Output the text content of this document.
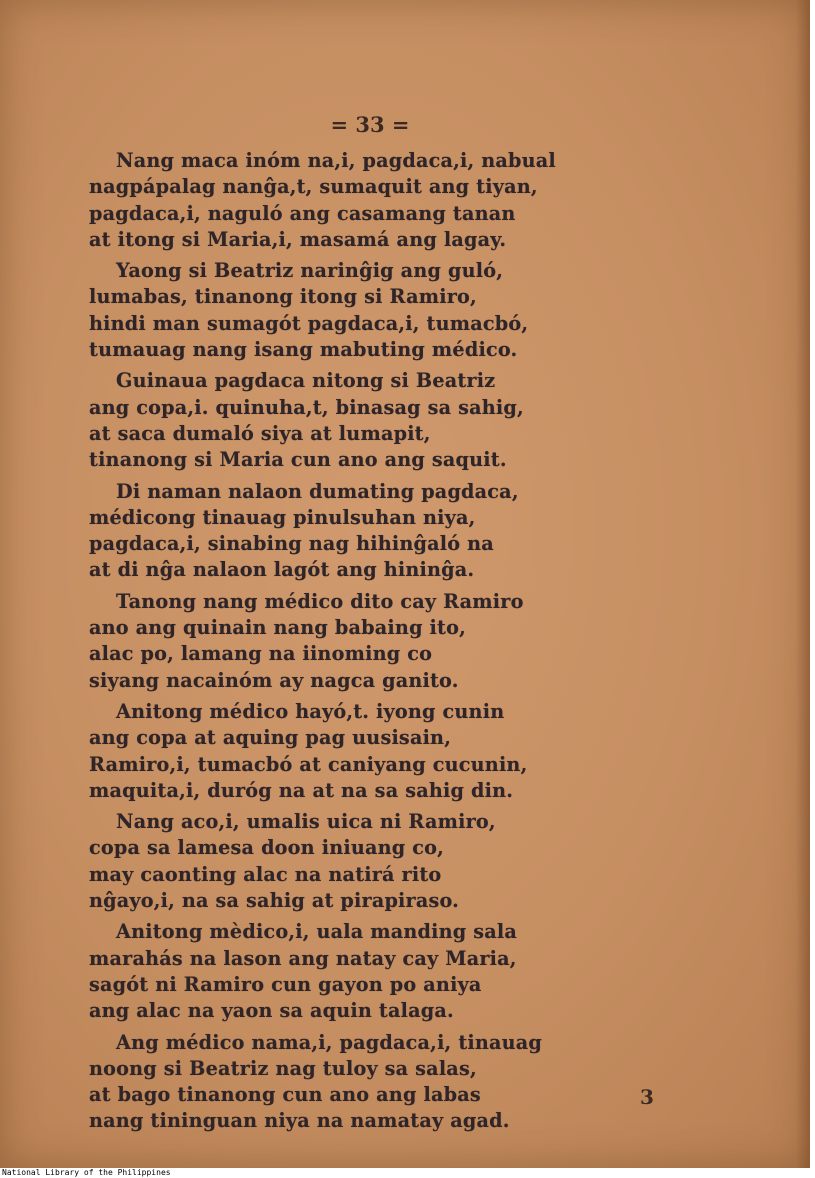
= 33 =
Nang maca inóm na,i, pagdaca,i, nabual
nagpápalag nanĝa,t, sumaquit ang tiyan,
pagdaca,i, naguló ang casamang tanan
at itong si Maria,i, masamá ang lagay.
Yaong si Beatriz narinĝig ang guló,
lumabas, tinanong itong si Ramiro,
hindi man sumagót pagdaca,i, tumacbó,
tumauag nang isang mabuting médico.
Guinaua pagdaca nitong si Beatriz
ang copa,i. quinuha,t, binasag sa sahig,
at saca dumaló siya at lumapit,
tinanong si Maria cun ano ang saquit.
Di naman nalaon dumating pagdaca,
médicong tinauag pinulsuhan niya,
pagdaca,i, sinabing nag hihinĝaló na
at di nĝa nalaon lagót ang hininĝa.
Tanong nang médico dito cay Ramiro
ano ang quinain nang babaing ito,
alac po, lamang na iinoming co
siyang nacainóm ay nagca ganito.
Anitong médico hayó,t. iyong cunin
ang copa at aquing pag uusisain,
Ramiro,i, tumacbó at caniyang cucunin,
maquita,i, duróg na at na sa sahig din.
Nang aco,i, umalis uica ni Ramiro,
copa sa lamesa doon iniuang co,
may caonting alac na natirá rito
nĝayo,i, na sa sahig at pirapiraso.
Anitong mèdico,i, uala manding sala
marahás na lason ang natay cay Maria,
sagót ni Ramiro cun gayon po aniya
ang alac na yaon sa aquin talaga.
Ang médico nama,i, pagdaca,i, tinauag
noong si Beatriz nag tuloy sa salas,
at bago tinanong cun ano ang labas
nang tininguan niya na namatay agad.
3
National Library of the Philippines
